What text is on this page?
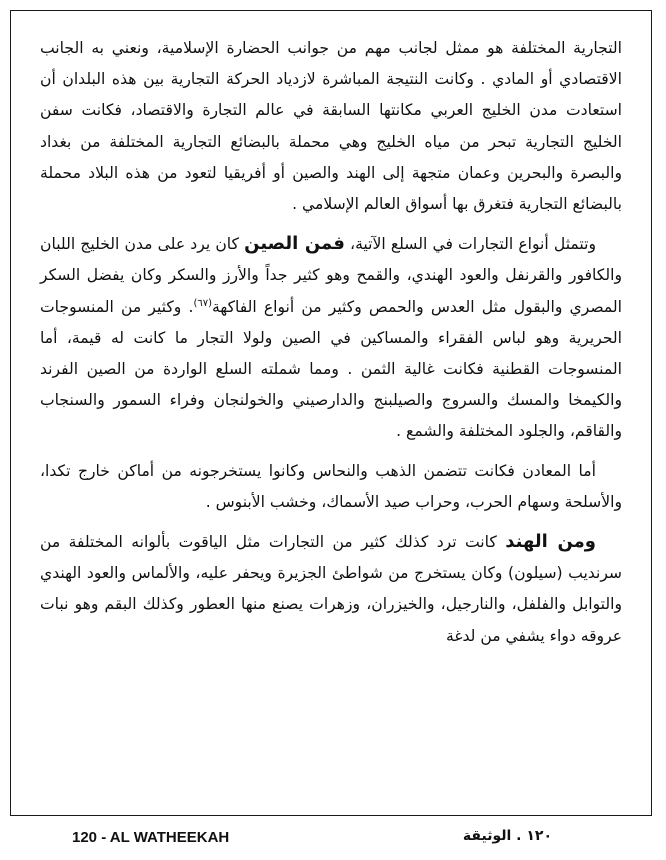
التجارية المختلفة هو ممثل لجانب مهم من جوانب الحضارة الإسلامية، ونعني به الجانب الاقتصادي أو المادي . وكانت النتيجة المباشرة لازدياد الحركة التجارية بين هذه البلدان أن استعادت مدن الخليج العربي مكانتها السابقة في عالم التجارة والاقتصاد، فكانت سفن الخليج التجارية تبحر من مياه الخليج وهي محملة بالبضائع التجارية المختلفة من بغداد والبصرة والبحرين وعمان متجهة إلى الهند والصين أو أفريقيا لتعود من هذه البلاد محملة بالبضائع التجارية فتغرق بها أسواق العالم الإسلامي .

وتتمثل أنواع التجارات في السلع الآتية، فمن الصين كان يرد على مدن الخليج اللبان والكافور والقرنفل والعود الهندي، والقمح وهو كثير جداً والأرز والسكر وكان يفضل السكر المصري والبقول مثل العدس والحمص وكثير من أنواع الفاكهة$^{(٦٧)}$. وكثير من المنسوجات الحريرية وهو لباس الفقراء والمساكين في الصين ولولا التجار ما كانت له قيمة، أما المنسوجات القطنية فكانت غالية الثمن . ومما شملته السلع الواردة من الصين الفرند والكيمخا والمسك والسروج والصيلبنج والدارصيني والخولنجان وفراء السمور والسنجاب والقاقم، والجلود المختلفة والشمع .

أما المعادن فكانت تتضمن الذهب والنحاس وكانوا يستخرجونه من أماكن خارج تكدا، والأسلحة وسهام الحرب، وحراب صيد الأسماك، وخشب الأبنوس .

ومن الهند كانت ترد كذلك كثير من التجارات مثل الياقوت بألوانه المختلفة من سرنديب (سيلون) وكان يستخرج من شواطئ الجزيرة ويحفر عليه، والألماس والعود الهندي والتوابل والفلفل، والنارجيل، والخيزران، وزهرات يصنع منها العطور وكذلك البقم وهو نبات عروقه دواء يشفي من لدغة

120 - AL WATHEEKAH	١٢٠ . الوثيقة
